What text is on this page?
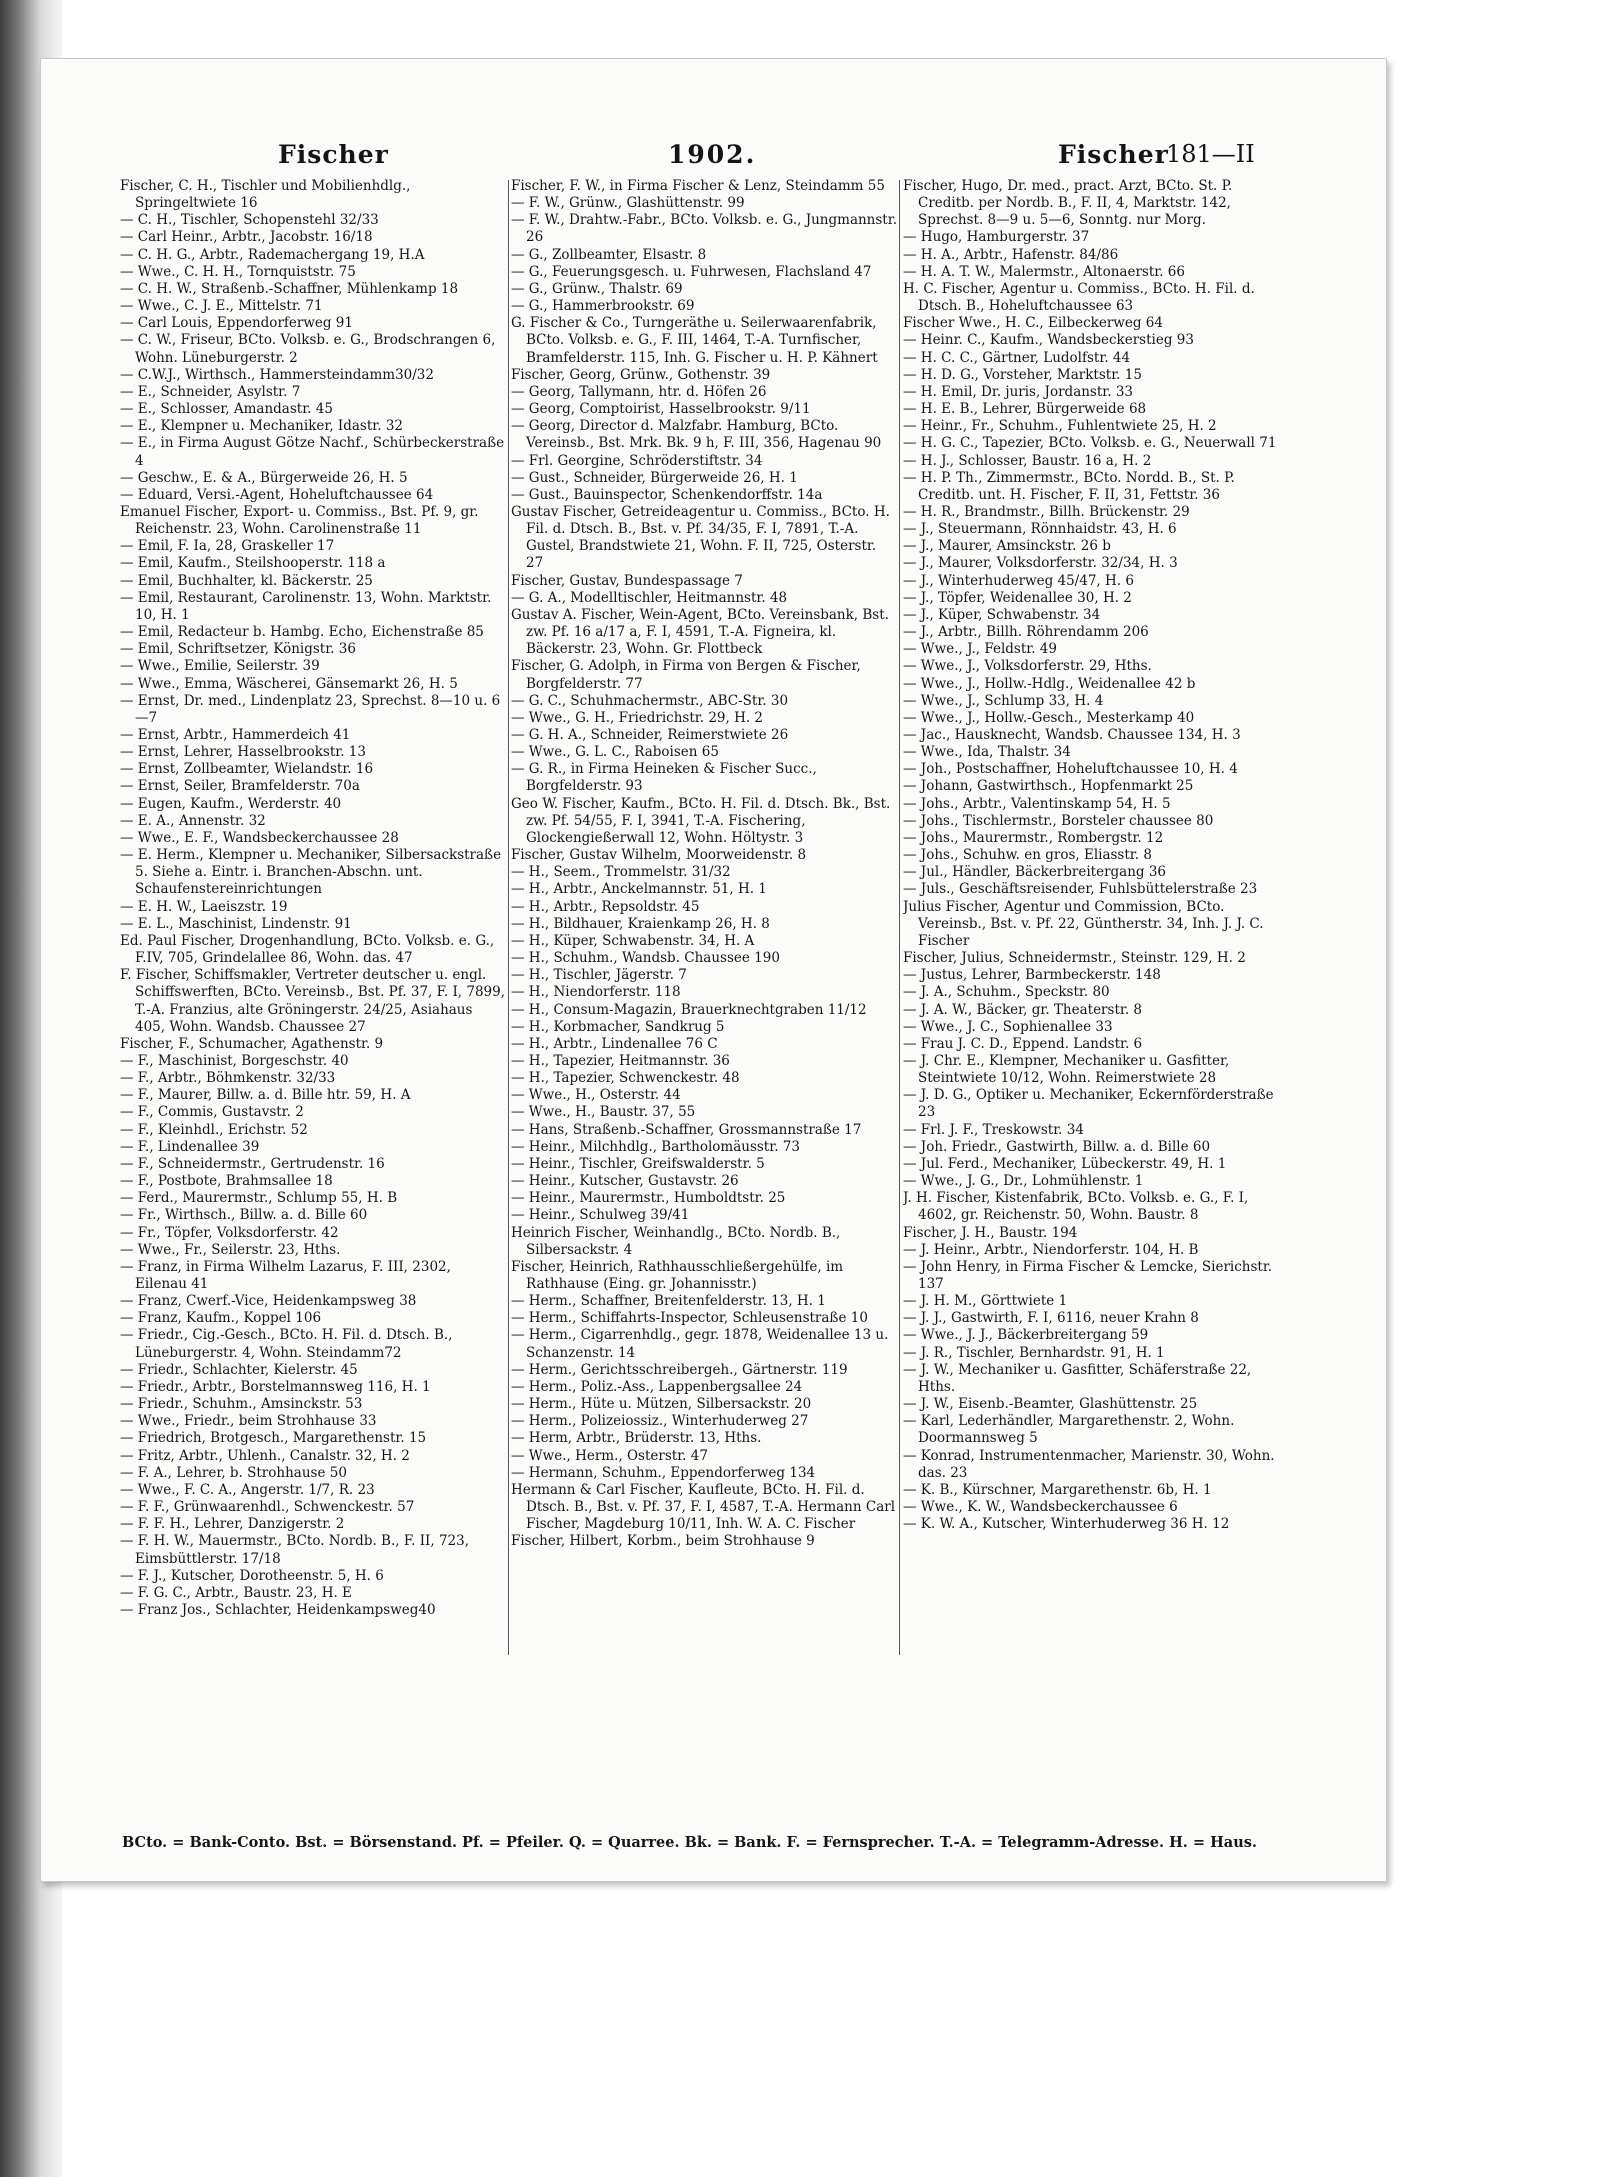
Fischer	1902.	Fischer
181—II

Fischer, C. H., Tischler und Mobilienhdlg., Springeltwiete 16

— C. H., Tischler, Schopenstehl 32/33

— Carl Heinr., Arbtr., Jacobstr. 16/18

— C. H. G., Arbtr., Rademachergang 19, H.A

— Wwe., C. H. H., Tornquiststr. 75

— C. H. W., Straßenb.-Schaffner, Mühlenkamp 18

— Wwe., C. J. E., Mittelstr. 71

— Carl Louis, Eppendorferweg 91

— C. W., Friseur, BCto. Volksb. e. G., Brodschrangen 6, Wohn. Lüneburgerstr. 2

— C.W.J., Wirthsch., Hammersteindamm30/32

— E., Schneider, Asylstr. 7

— E., Schlosser, Amandastr. 45

— E., Klempner u. Mechaniker, Idastr. 32

— E., in Firma August Götze Nachf., Schürbeckerstraße 4

— Geschw., E. & A., Bürgerweide 26, H. 5

— Eduard, Versi.-Agent, Hoheluftchaussee 64

Emanuel Fischer, Export- u. Commiss., Bst. Pf. 9, gr. Reichenstr. 23, Wohn. Carolinenstraße 11

— Emil, F. Ia, 28, Graskeller 17

— Emil, Kaufm., Steilshooperstr. 118 a

— Emil, Buchhalter, kl. Bäckerstr. 25

— Emil, Restaurant, Carolinenstr. 13, Wohn. Marktstr. 10, H. 1

— Emil, Redacteur b. Hambg. Echo, Eichenstraße 85

— Emil, Schriftsetzer, Königstr. 36

— Wwe., Emilie, Seilerstr. 39

— Wwe., Emma, Wäscherei, Gänsemarkt 26, H. 5

— Ernst, Dr. med., Lindenplatz 23, Sprechst. 8—10 u. 6—7

— Ernst, Arbtr., Hammerdeich 41

— Ernst, Lehrer, Hasselbrookstr. 13

— Ernst, Zollbeamter, Wielandstr. 16

— Ernst, Seiler, Bramfelderstr. 70a

— Eugen, Kaufm., Werderstr. 40

— E. A., Annenstr. 32

— Wwe., E. F., Wandsbeckerchaussee 28

— E. Herm., Klempner u. Mechaniker, Silbersackstraße 5. Siehe a. Eintr. i. Branchen-Abschn. unt. Schaufenstereinrichtungen

— E. H. W., Laeiszstr. 19

— E. L., Maschinist, Lindenstr. 91

Ed. Paul Fischer, Drogenhandlung, BCto. Volksb. e. G., F.IV, 705, Grindelallee 86, Wohn. das. 47

F. Fischer, Schiffsmakler, Vertreter deutscher u. engl. Schiffswerften, BCto. Vereinsb., Bst. Pf. 37, F. I, 7899, T.-A. Franzius, alte Gröningerstr. 24/25, Asiahaus 405, Wohn. Wandsb. Chaussee 27

Fischer, F., Schumacher, Agathenstr. 9

— F., Maschinist, Borgeschstr. 40

— F., Arbtr., Böhmkenstr. 32/33

— F., Maurer, Billw. a. d. Bille htr. 59, H. A

— F., Commis, Gustavstr. 2

— F., Kleinhdl., Erichstr. 52

— F., Lindenallee 39

— F., Schneidermstr., Gertrudenstr. 16

— F., Postbote, Brahmsallee 18

— Ferd., Maurermstr., Schlump 55, H. B

— Fr., Wirthsch., Billw. a. d. Bille 60

— Fr., Töpfer, Volksdorferstr. 42

— Wwe., Fr., Seilerstr. 23, Hths.

— Franz, in Firma Wilhelm Lazarus, F. III, 2302, Eilenau 41

— Franz, Cwerf.-Vice, Heidenkampsweg 38

— Franz, Kaufm., Koppel 106

— Friedr., Cig.-Gesch., BCto. H. Fil. d. Dtsch. B., Lüneburgerstr. 4, Wohn. Steindamm72

— Friedr., Schlachter, Kielerstr. 45

— Friedr., Arbtr., Borstelmannsweg 116, H. 1

— Friedr., Schuhm., Amsinckstr. 53

— Wwe., Friedr., beim Strohhause 33

— Friedrich, Brotgesch., Margarethenstr. 15

— Fritz, Arbtr., Uhlenh., Canalstr. 32, H. 2

— F. A., Lehrer, b. Strohhause 50

— Wwe., F. C. A., Angerstr. 1/7, R. 23

— F. F., Grünwaarenhdl., Schwenckestr. 57

— F. F. H., Lehrer, Danzigerstr. 2

— F. H. W., Mauermstr., BCto. Nordb. B., F. II, 723, Eimsbüttlerstr. 17/18

— F. J., Kutscher, Dorotheenstr. 5, H. 6

— F. G. C., Arbtr., Baustr. 23, H. E

— Franz Jos., Schlachter, Heidenkampsweg40

Fischer, F. W., in Firma Fischer & Lenz, Steindamm 55

— F. W., Grünw., Glashüttenstr. 99

— F. W., Drahtw.-Fabr., BCto. Volksb. e. G., Jungmannstr. 26

— G., Zollbeamter, Elsastr. 8

— G., Feuerungsgesch. u. Fuhrwesen, Flachsland 47

— G., Grünw., Thalstr. 69

— G., Hammerbrookstr. 69

G. Fischer & Co., Turngeräthe u. Seilerwaarenfabrik, BCto. Volksb. e. G., F. III, 1464, T.-A. Turnfischer, Bramfelderstr. 115, Inh. G. Fischer u. H. P. Kähnert

Fischer, Georg, Grünw., Gothenstr. 39

— Georg, Tallymann, htr. d. Höfen 26

— Georg, Comptoirist, Hasselbrookstr. 9/11

— Georg, Director d. Malzfabr. Hamburg, BCto. Vereinsb., Bst. Mrk. Bk. 9 h, F. III, 356, Hagenau 90

— Frl. Georgine, Schröderstiftstr. 34

— Gust., Schneider, Bürgerweide 26, H. 1

— Gust., Bauinspector, Schenkendorffstr. 14a

Gustav Fischer, Getreideagentur u. Commiss., BCto. H. Fil. d. Dtsch. B., Bst. v. Pf. 34/35, F. I, 7891, T.-A. Gustel, Brandstwiete 21, Wohn. F. II, 725, Osterstr. 27

Fischer, Gustav, Bundespassage 7

— G. A., Modelltischler, Heitmannstr. 48

Gustav A. Fischer, Wein-Agent, BCto. Vereinsbank, Bst. zw. Pf. 16 a/17 a, F. I, 4591, T.-A. Figneira, kl. Bäckerstr. 23, Wohn. Gr. Flottbeck

Fischer, G. Adolph, in Firma von Bergen & Fischer, Borgfelderstr. 77

— G. C., Schuhmachermstr., ABC-Str. 30

— Wwe., G. H., Friedrichstr. 29, H. 2

— G. H. A., Schneider, Reimerstwiete 26

— Wwe., G. L. C., Raboisen 65

— G. R., in Firma Heineken & Fischer Succ., Borgfelderstr. 93

Geo W. Fischer, Kaufm., BCto. H. Fil. d. Dtsch. Bk., Bst. zw. Pf. 54/55, F. I, 3941, T.-A. Fischering, Glockengießerwall 12, Wohn. Höltystr. 3

Fischer, Gustav Wilhelm, Moorweidenstr. 8

— H., Seem., Trommelstr. 31/32

— H., Arbtr., Anckelmannstr. 51, H. 1

— H., Arbtr., Repsoldstr. 45

— H., Bildhauer, Kraienkamp 26, H. 8

— H., Küper, Schwabenstr. 34, H. A

— H., Schuhm., Wandsb. Chaussee 190

— H., Tischler, Jägerstr. 7

— H., Niendorferstr. 118

— H., Consum-Magazin, Brauerknechtgraben 11/12

— H., Korbmacher, Sandkrug 5

— H., Arbtr., Lindenallee 76 C

— H., Tapezier, Heitmannstr. 36

— H., Tapezier, Schwenckestr. 48

— Wwe., H., Osterstr. 44

— Wwe., H., Baustr. 37, 55

— Hans, Straßenb.-Schaffner, Grossmannstraße 17

— Heinr., Milchhdlg., Bartholomäusstr. 73

— Heinr., Tischler, Greifswalderstr. 5

— Heinr., Kutscher, Gustavstr. 26

— Heinr., Maurermstr., Humboldtstr. 25

— Heinr., Schulweg 39/41

Heinrich Fischer, Weinhandlg., BCto. Nordb. B., Silbersackstr. 4

Fischer, Heinrich, Rathhausschließergehülfe, im Rathhause (Eing. gr. Johannisstr.)

— Herm., Schaffner, Breitenfelderstr. 13, H. 1

— Herm., Schiffahrts-Inspector, Schleusenstraße 10

— Herm., Cigarrenhdlg., gegr. 1878, Weidenallee 13 u. Schanzenstr. 14

— Herm., Gerichtsschreibergeh., Gärtnerstr. 119

— Herm., Poliz.-Ass., Lappenbergsallee 24

— Herm., Hüte u. Mützen, Silbersackstr. 20

— Herm., Polizeiossiz., Winterhuderweg 27

— Herm, Arbtr., Brüderstr. 13, Hths.

— Wwe., Herm., Osterstr. 47

— Hermann, Schuhm., Eppendorferweg 134

Hermann & Carl Fischer, Kaufleute, BCto. H. Fil. d. Dtsch. B., Bst. v. Pf. 37, F. I, 4587, T.-A. Hermann Carl Fischer, Magdeburg 10/11, Inh. W. A. C. Fischer

Fischer, Hilbert, Korbm., beim Strohhause 9

Fischer, Hugo, Dr. med., pract. Arzt, BCto. St. P. Creditb. per Nordb. B., F. II, 4, Marktstr. 142, Sprechst. 8—9 u. 5—6, Sonntg. nur Morg.

— Hugo, Hamburgerstr. 37

— H. A., Arbtr., Hafenstr. 84/86

— H. A. T. W., Malermstr., Altonaerstr. 66

H. C. Fischer, Agentur u. Commiss., BCto. H. Fil. d. Dtsch. B., Hoheluftchaussee 63

Fischer Wwe., H. C., Eilbeckerweg 64

— Heinr. C., Kaufm., Wandsbeckerstieg 93

— H. C. C., Gärtner, Ludolfstr. 44

— H. D. G., Vorsteher, Marktstr. 15

— H. Emil, Dr. juris, Jordanstr. 33

— H. E. B., Lehrer, Bürgerweide 68

— Heinr., Fr., Schuhm., Fuhlentwiete 25, H. 2

— H. G. C., Tapezier, BCto. Volksb. e. G., Neuerwall 71

— H. J., Schlosser, Baustr. 16 a, H. 2

— H. P. Th., Zimmermstr., BCto. Nordd. B., St. P. Creditb. unt. H. Fischer, F. II, 31, Fettstr. 36

— H. R., Brandmstr., Billh. Brückenstr. 29

— J., Steuermann, Rönnhaidstr. 43, H. 6

— J., Maurer, Amsinckstr. 26 b

— J., Maurer, Volksdorferstr. 32/34, H. 3

— J., Winterhuderweg 45/47, H. 6

— J., Töpfer, Weidenallee 30, H. 2

— J., Küper, Schwabenstr. 34

— J., Arbtr., Billh. Röhrendamm 206

— Wwe., J., Feldstr. 49

— Wwe., J., Volksdorferstr. 29, Hths.

— Wwe., J., Hollw.-Hdlg., Weidenallee 42 b

— Wwe., J., Schlump 33, H. 4

— Wwe., J., Hollw.-Gesch., Mesterkamp 40

— Jac., Hausknecht, Wandsb. Chaussee 134, H. 3

— Wwe., Ida, Thalstr. 34

— Joh., Postschaffner, Hoheluftchaussee 10, H. 4

— Johann, Gastwirthsch., Hopfenmarkt 25

— Johs., Arbtr., Valentinskamp 54, H. 5

— Johs., Tischlermstr., Borsteler chaussee 80

— Johs., Maurermstr., Rombergstr. 12

— Johs., Schuhw. en gros, Eliasstr. 8

— Jul., Händler, Bäckerbreitergang 36

— Juls., Geschäftsreisender, Fuhlsbüttelerstraße 23

Julius Fischer, Agentur und Commission, BCto. Vereinsb., Bst. v. Pf. 22, Güntherstr. 34, Inh. J. J. C. Fischer

Fischer, Julius, Schneidermstr., Steinstr. 129, H. 2

— Justus, Lehrer, Barmbeckerstr. 148

— J. A., Schuhm., Speckstr. 80

— J. A. W., Bäcker, gr. Theaterstr. 8

— Wwe., J. C., Sophienallee 33

— Frau J. C. D., Eppend. Landstr. 6

— J. Chr. E., Klempner, Mechaniker u. Gasfitter, Steintwiete 10/12, Wohn. Reimerstwiete 28

— J. D. G., Optiker u. Mechaniker, Eckernförderstraße 23

— Frl. J. F., Treskowstr. 34

— Joh. Friedr., Gastwirth, Billw. a. d. Bille 60

— Jul. Ferd., Mechaniker, Lübeckerstr. 49, H. 1

— Wwe., J. G., Dr., Lohmühlenstr. 1

J. H. Fischer, Kistenfabrik, BCto. Volksb. e. G., F. I, 4602, gr. Reichenstr. 50, Wohn. Baustr. 8

Fischer, J. H., Baustr. 194

— J. Heinr., Arbtr., Niendorferstr. 104, H. B

— John Henry, in Firma Fischer & Lemcke, Sierichstr. 137

— J. H. M., Görttwiete 1

— J. J., Gastwirth, F. I, 6116, neuer Krahn 8

— Wwe., J. J., Bäckerbreitergang 59

— J. R., Tischler, Bernhardstr. 91, H. 1

— J. W., Mechaniker u. Gasfitter, Schäferstraße 22, Hths.

— J. W., Eisenb.-Beamter, Glashüttenstr. 25

— Karl, Lederhändler, Margarethenstr. 2, Wohn. Doormannsweg 5

— Konrad, Instrumentenmacher, Marienstr. 30, Wohn. das. 23

— K. B., Kürschner, Margarethenstr. 6b, H. 1

— Wwe., K. W., Wandsbeckerchaussee 6

— K. W. A., Kutscher, Winterhuderweg 36 H. 12

BCto. = Bank-Conto. Bst. = Börsenstand. Pf. = Pfeiler. Q. = Quarree. Bk. = Bank. F. = Fernsprecher. T.-A. = Telegramm-Adresse. H. = Haus.
